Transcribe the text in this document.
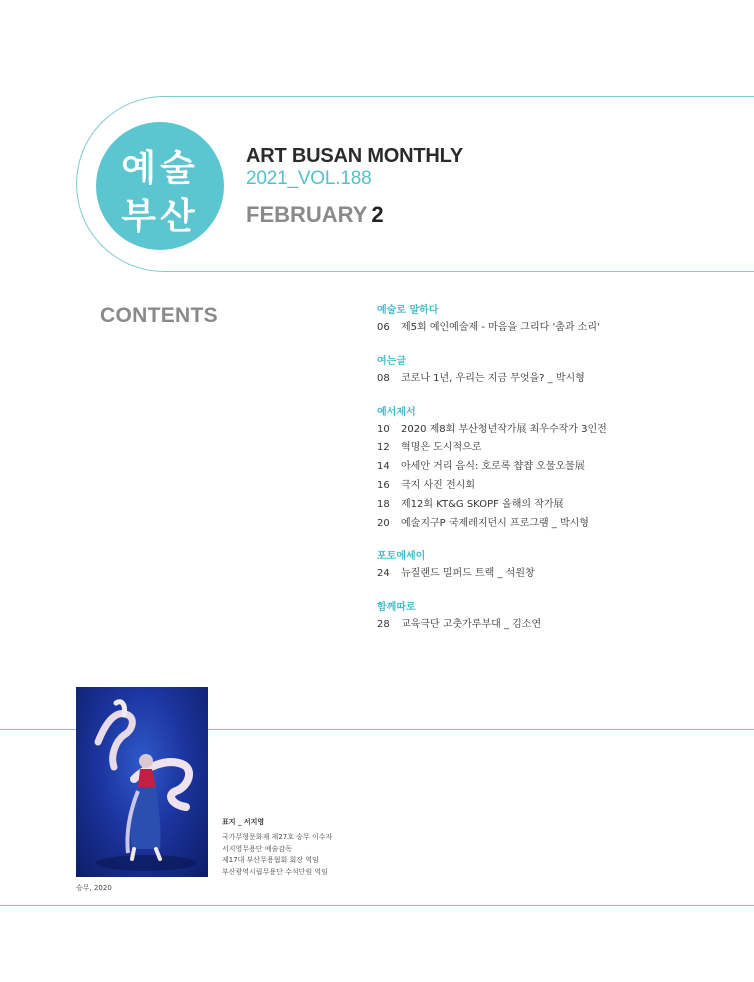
예술
부산
ART BUSAN MONTHLY
2021_VOL.188
FEBRUARY 2
CONTENTS	예술로 말하다
06 제5회 예인예술제 - 마음을 그리다 '춤과 소리'
여는글
08 코로나 1년, 우리는 지금 무엇을? _ 박시형
예서제서
10 2020 제8회 부산청년작가展 최우수작가 3인전
12 혁명은 도시적으로
14 아세안 거리 음식: 호로록 챱챱 오물오물展
16 극지 사진 전시회
18 제12회 KT&G SKOPF 올해의 작가展
20 예술지구P 국제레지던시 프로그램 _ 박시형
포토에세이
24 뉴질랜드 밀퍼드 트랙 _ 석원창
함께따로
28 교육극단 고춧가루부대 _ 김소연
승무, 2020
표지 _ 서지영
국가무형문화재 제27호 승무 이수자
서지영무용단 예술감독
제17대 부산무용협회 회장 역임
부산광역시립무용단 수석단원 역임
